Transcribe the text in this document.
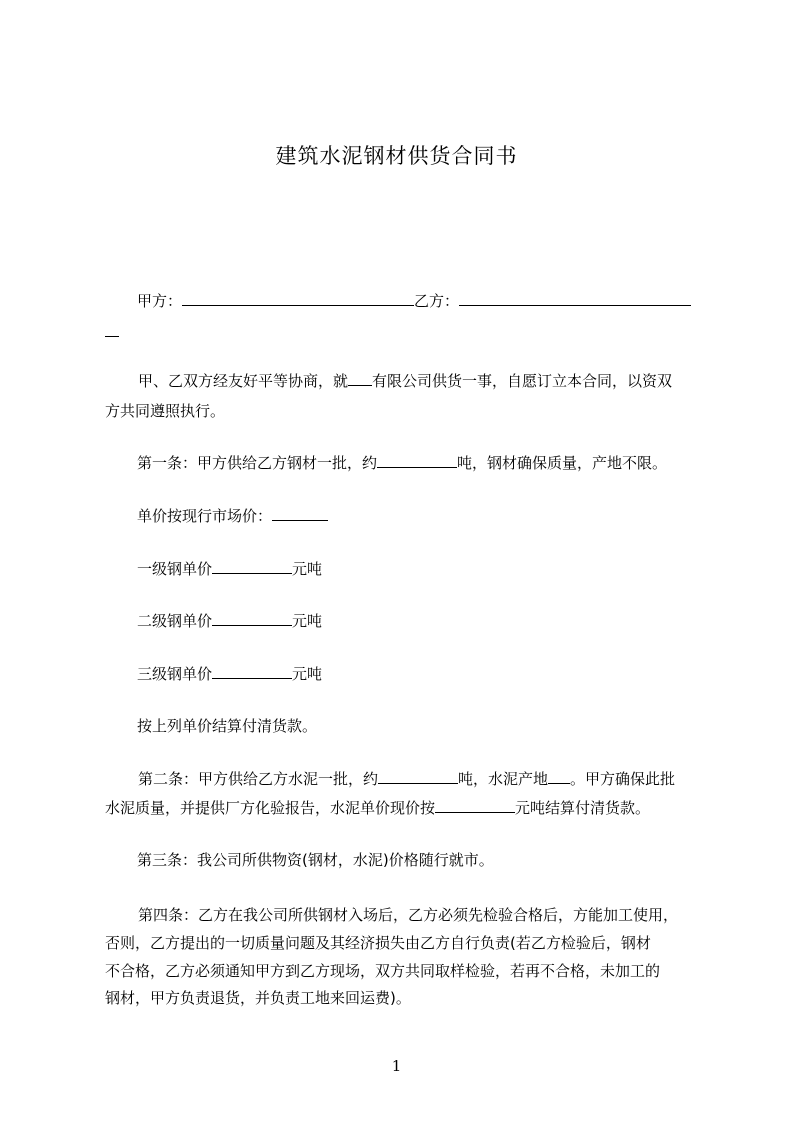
建筑水泥钢材供货合同书
甲方：	乙方：
甲、乙双方经友好平等协商，就 有限公司供货一事，自愿订立本合同，以资双
方共同遵照执行。
第一条：甲方供给乙方钢材一批，约	吨，钢材确保质量，产地不限。
单价按现行市场价：
一级钢单价	元吨
二级钢单价	元吨
三级钢单价	元吨
按上列单价结算付清货款。
第二条：甲方供给乙方水泥一批，约	吨，水泥产地 。甲方确保此批
水泥质量，并提供厂方化验报告，水泥单价现价按	元吨结算付清货款。
第三条：我公司所供物资(钢材，水泥)价格随行就市。
第四条：乙方在我公司所供钢材入场后，乙方必须先检验合格后，方能加工使用，
否则，乙方提出的一切质量问题及其经济损失由乙方自行负责(若乙方检验后，钢材
不合格，乙方必须通知甲方到乙方现场，双方共同取样检验，若再不合格，未加工的
钢材，甲方负责退货，并负责工地来回运费)。
1
